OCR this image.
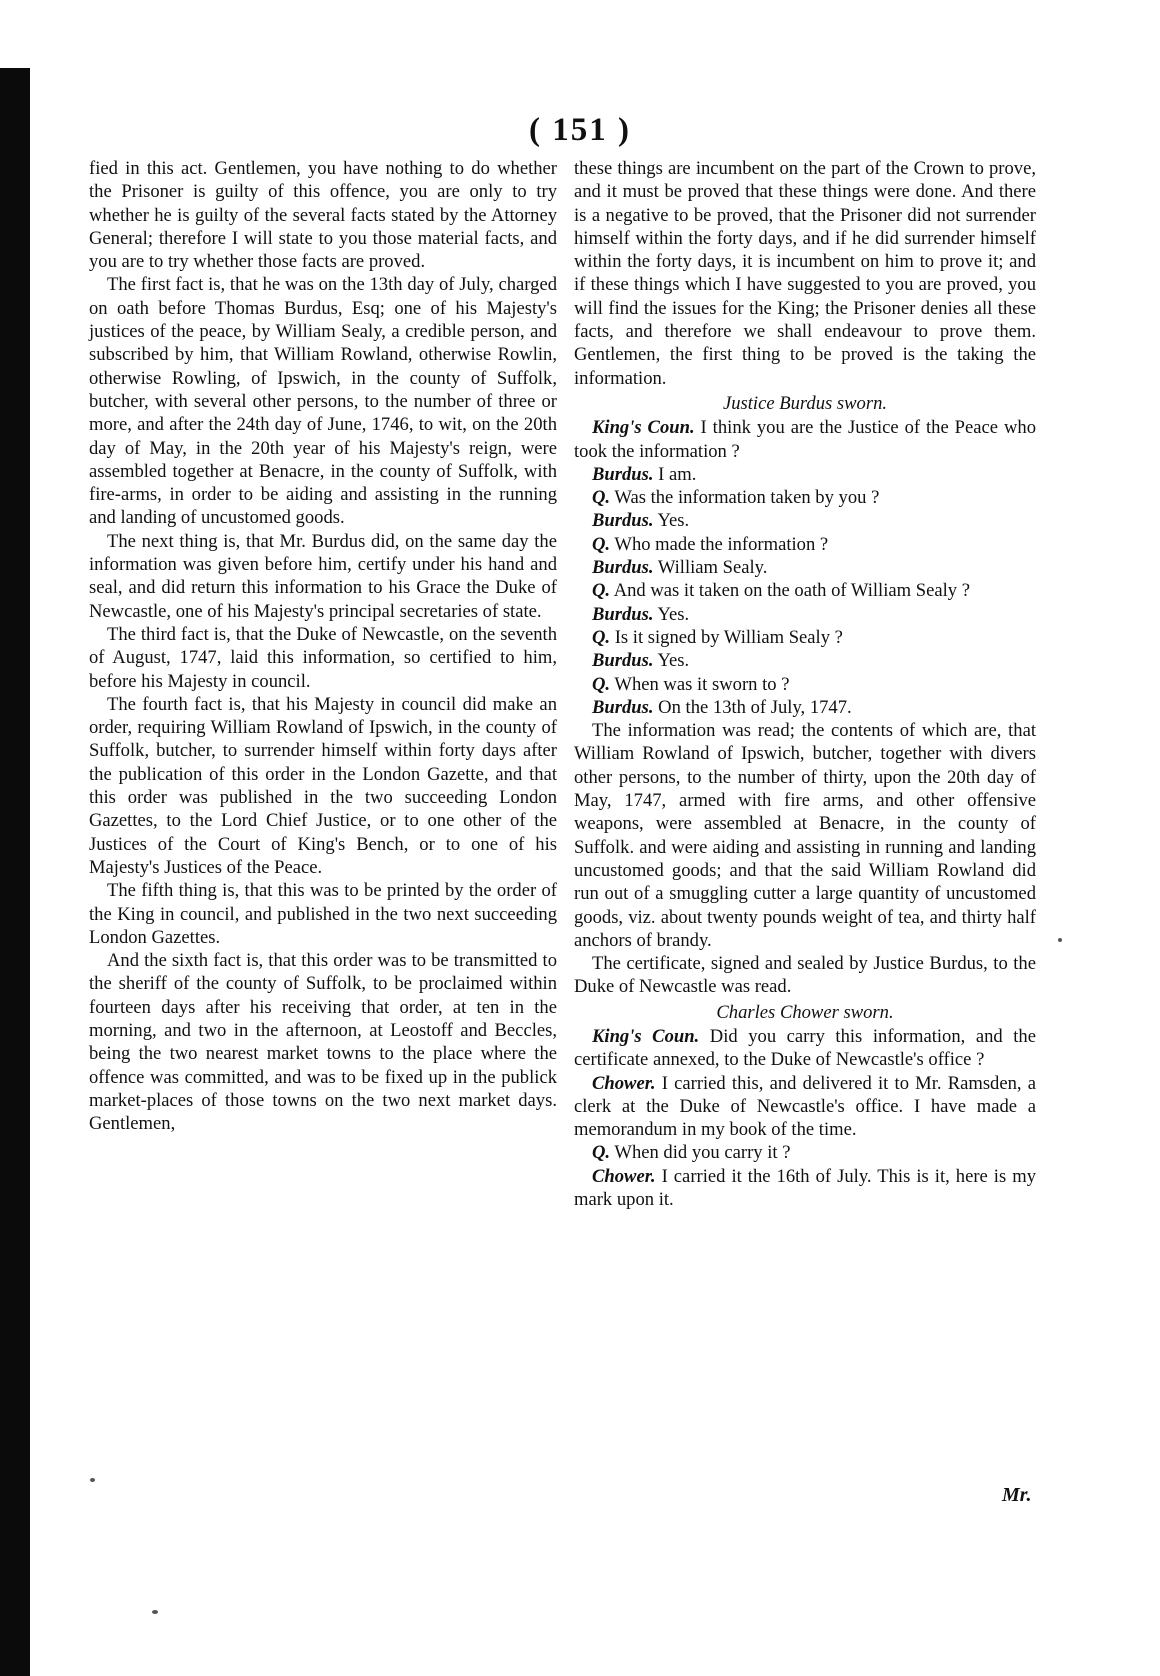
( 151 )

fied in this act. Gentlemen, you have nothing to do whether the Prisoner is guilty of this offence, you are only to try whether he is guilty of the several facts stated by the Attorney General; therefore I will state to you those material facts, and you are to try whether those facts are proved.

The first fact is, that he was on the 13th day of July, charged on oath before Thomas Burdus, Esq; one of his Majesty's justices of the peace, by William Sealy, a credible person, and subscribed by him, that William Rowland, otherwise Rowlin, otherwise Rowling, of Ipswich, in the county of Suffolk, butcher, with several other persons, to the number of three or more, and after the 24th day of June, 1746, to wit, on the 20th day of May, in the 20th year of his Majesty's reign, were assembled together at Benacre, in the county of Suffolk, with fire-arms, in order to be aiding and assisting in the running and landing of uncustomed goods.

The next thing is, that Mr. Burdus did, on the same day the information was given before him, certify under his hand and seal, and did return this information to his Grace the Duke of Newcastle, one of his Majesty's principal secretaries of state.

The third fact is, that the Duke of Newcastle, on the seventh of August, 1747, laid this information, so certified to him, before his Majesty in council.

The fourth fact is, that his Majesty in council did make an order, requiring William Rowland of Ipswich, in the county of Suffolk, butcher, to surrender himself within forty days after the publication of this order in the London Gazette, and that this order was published in the two succeeding London Gazettes, to the Lord Chief Justice, or to one other of the Justices of the Court of King's Bench, or to one of his Majesty's Justices of the Peace.

The fifth thing is, that this was to be printed by the order of the King in council, and published in the two next succeeding London Gazettes.

And the sixth fact is, that this order was to be transmitted to the sheriff of the county of Suffolk, to be proclaimed within fourteen days after his receiving that order, at ten in the morning, and two in the afternoon, at Leostoff and Beccles, being the two nearest market towns to the place where the offence was committed, and was to be fixed up in the publick market-places of those towns on the two next market days. Gentlemen,

these things are incumbent on the part of the Crown to prove, and it must be proved that these things were done. And there is a negative to be proved, that the Prisoner did not surrender himself within the forty days, and if he did surrender himself within the forty days, it is incumbent on him to prove it; and if these things which I have suggested to you are proved, you will find the issues for the King; the Prisoner denies all these facts, and therefore we shall endeavour to prove them. Gentlemen, the first thing to be proved is the taking the information.

Justice Burdus sworn.

King's Coun. I think you are the Justice of the Peace who took the information ?

Burdus. I am.

Q. Was the information taken by you ?

Burdus. Yes.

Q. Who made the information ?

Burdus. William Sealy.

Q. And was it taken on the oath of William Sealy ?

Burdus. Yes.

Q. Is it signed by William Sealy ?

Burdus. Yes.

Q. When was it sworn to ?

Burdus. On the 13th of July, 1747.

The information was read; the contents of which are, that William Rowland of Ipswich, butcher, together with divers other persons, to the number of thirty, upon the 20th day of May, 1747, armed with fire arms, and other offensive weapons, were assembled at Benacre, in the county of Suffolk. and were aiding and assisting in running and landing uncustomed goods; and that the said William Rowland did run out of a smuggling cutter a large quantity of uncustomed goods, viz. about twenty pounds weight of tea, and thirty half anchors of brandy.

The certificate, signed and sealed by Justice Burdus, to the Duke of Newcastle was read.

Charles Chower sworn.

King's Coun. Did you carry this information, and the certificate annexed, to the Duke of Newcastle's office ?

Chower. I carried this, and delivered it to Mr. Ramsden, a clerk at the Duke of Newcastle's office. I have made a memorandum in my book of the time.

Q. When did you carry it ?

Chower. I carried it the 16th of July. This is it, here is my mark upon it.

Mr.
